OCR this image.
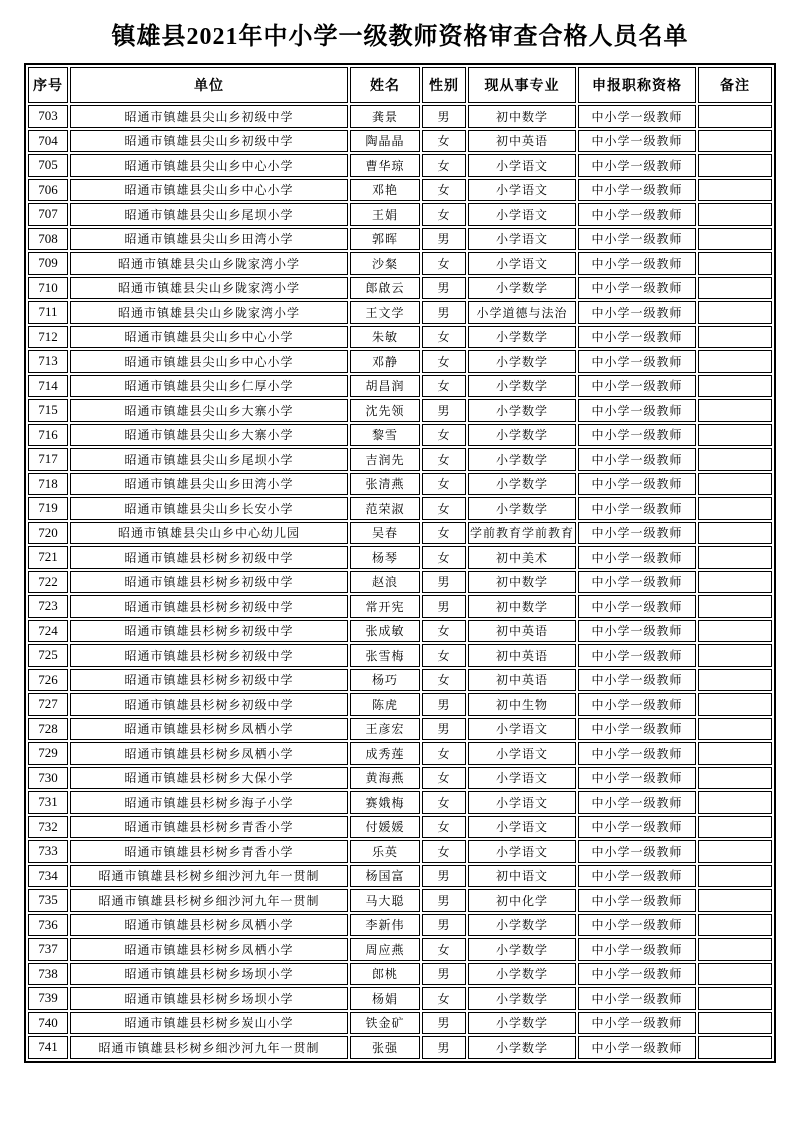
镇雄县2021年中小学一级教师资格审查合格人员名单
序号	单位	姓名	性别	现从事专业	申报职称资格	备注
703	昭通市镇雄县尖山乡初级中学	龚景	男	初中数学	中小学一级教师	
704	昭通市镇雄县尖山乡初级中学	陶晶晶	女	初中英语	中小学一级教师	
705	昭通市镇雄县尖山乡中心小学	曹华琼	女	小学语文	中小学一级教师	
706	昭通市镇雄县尖山乡中心小学	邓艳	女	小学语文	中小学一级教师	
707	昭通市镇雄县尖山乡尾坝小学	王娟	女	小学语文	中小学一级教师	
708	昭通市镇雄县尖山乡田湾小学	郭晖	男	小学语文	中小学一级教师	
709	昭通市镇雄县尖山乡陇家湾小学	沙粲	女	小学语文	中小学一级教师	
710	昭通市镇雄县尖山乡陇家湾小学	郎啟云	男	小学数学	中小学一级教师	
711	昭通市镇雄县尖山乡陇家湾小学	王文学	男	小学道德与法治	中小学一级教师	
712	昭通市镇雄县尖山乡中心小学	朱敏	女	小学数学	中小学一级教师	
713	昭通市镇雄县尖山乡中心小学	邓静	女	小学数学	中小学一级教师	
714	昭通市镇雄县尖山乡仁厚小学	胡昌润	女	小学数学	中小学一级教师	
715	昭通市镇雄县尖山乡大寨小学	沈先领	男	小学数学	中小学一级教师	
716	昭通市镇雄县尖山乡大寨小学	黎雪	女	小学数学	中小学一级教师	
717	昭通市镇雄县尖山乡尾坝小学	吉润先	女	小学数学	中小学一级教师	
718	昭通市镇雄县尖山乡田湾小学	张清燕	女	小学数学	中小学一级教师	
719	昭通市镇雄县尖山乡长安小学	范荣淑	女	小学数学	中小学一级教师	
720	昭通市镇雄县尖山乡中心幼儿园	吴春	女	学前教育学前教育	中小学一级教师	
721	昭通市镇雄县杉树乡初级中学	杨琴	女	初中美术	中小学一级教师	
722	昭通市镇雄县杉树乡初级中学	赵浪	男	初中数学	中小学一级教师	
723	昭通市镇雄县杉树乡初级中学	常开宪	男	初中数学	中小学一级教师	
724	昭通市镇雄县杉树乡初级中学	张成敏	女	初中英语	中小学一级教师	
725	昭通市镇雄县杉树乡初级中学	张雪梅	女	初中英语	中小学一级教师	
726	昭通市镇雄县杉树乡初级中学	杨巧	女	初中英语	中小学一级教师	
727	昭通市镇雄县杉树乡初级中学	陈虎	男	初中生物	中小学一级教师	
728	昭通市镇雄县杉树乡凤栖小学	王彦宏	男	小学语文	中小学一级教师	
729	昭通市镇雄县杉树乡凤栖小学	成秀莲	女	小学语文	中小学一级教师	
730	昭通市镇雄县杉树乡大保小学	黄海燕	女	小学语文	中小学一级教师	
731	昭通市镇雄县杉树乡海子小学	赛娥梅	女	小学语文	中小学一级教师	
732	昭通市镇雄县杉树乡青香小学	付媛媛	女	小学语文	中小学一级教师	
733	昭通市镇雄县杉树乡青香小学	乐英	女	小学语文	中小学一级教师	
734	昭通市镇雄县杉树乡细沙河九年一贯制	杨国富	男	初中语文	中小学一级教师	
735	昭通市镇雄县杉树乡细沙河九年一贯制	马大聪	男	初中化学	中小学一级教师	
736	昭通市镇雄县杉树乡凤栖小学	李新伟	男	小学数学	中小学一级教师	
737	昭通市镇雄县杉树乡凤栖小学	周应燕	女	小学数学	中小学一级教师	
738	昭通市镇雄县杉树乡场坝小学	郎桃	男	小学数学	中小学一级教师	
739	昭通市镇雄县杉树乡场坝小学	杨娟	女	小学数学	中小学一级教师	
740	昭通市镇雄县杉树乡炭山小学	铁金矿	男	小学数学	中小学一级教师	
741	昭通市镇雄县杉树乡细沙河九年一贯制	张强	男	小学数学	中小学一级教师	
